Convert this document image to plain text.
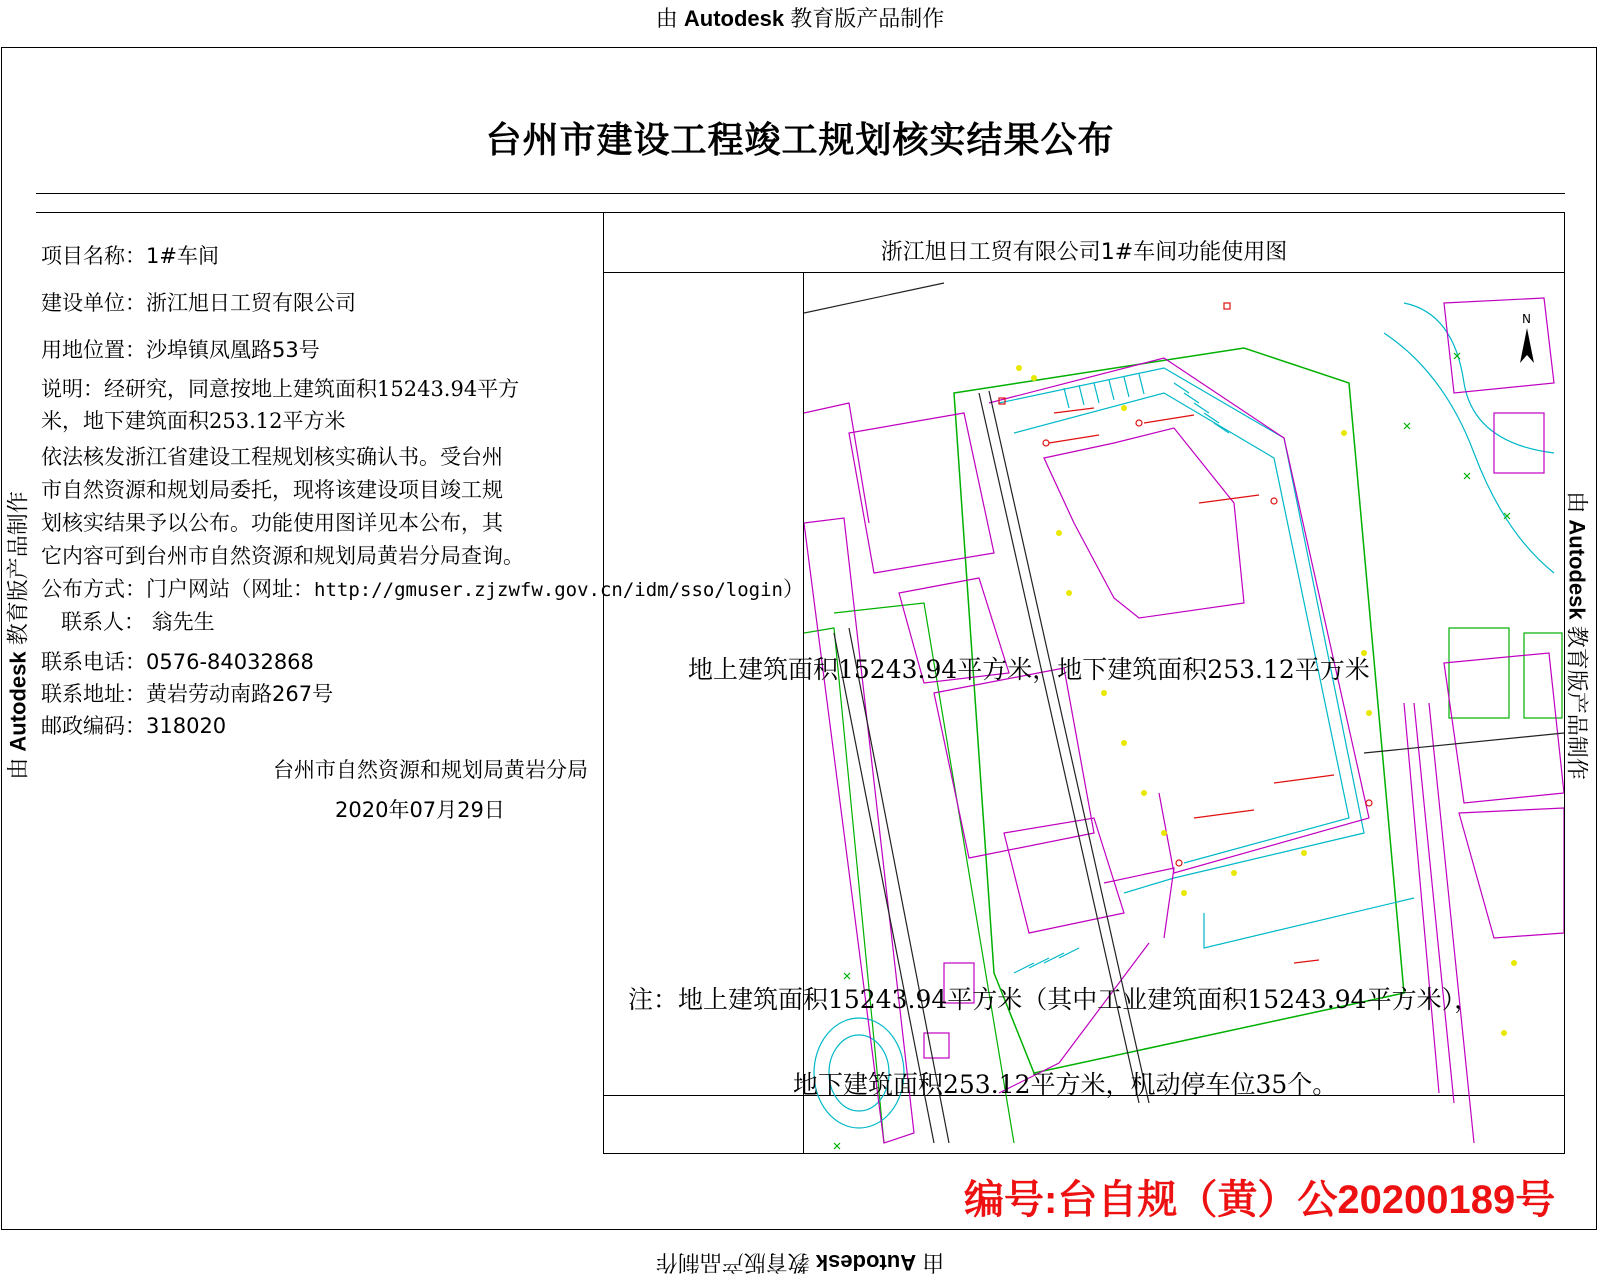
由 Autodesk 教育版产品制作
由 Autodesk 教育版产品制作	由 Autodesk 教育版产品制作
由 Autodesk 教育版产品制作
台州市建设工程竣工规划核实结果公布
项目名称：1#车间
建设单位：浙江旭日工贸有限公司
用地位置：沙埠镇凤凰路53号
说明：经研究，同意按地上建筑面积15243.94平方
米，地下建筑面积253.12平方米
依法核发浙江省建设工程规划核实确认书。受台州
市自然资源和规划局委托，现将该建设项目竣工规
划核实结果予以公布。功能使用图详见本公布，其
它内容可到台州市自然资源和规划局黄岩分局查询。
公布方式：门户网站（网址：http://gmuser.zjzwfw.gov.cn/idm/sso/login）
联系人： 翁先生
联系电话：0576-84032868
联系地址：黄岩劳动南路267号
邮政编码：318020
台州市自然资源和规划局黄岩分局
2020年07月29日
浙江旭日工贸有限公司1#车间功能使用图
N
地上建筑面积15243.94平方米，地下建筑面积253.12平方米
注：地上建筑面积15243.94平方米（其中工业建筑面积15243.94平方米），
地下建筑面积253.12平方米，机动停车位35个。
编号:台自规（黄）公20200189号
